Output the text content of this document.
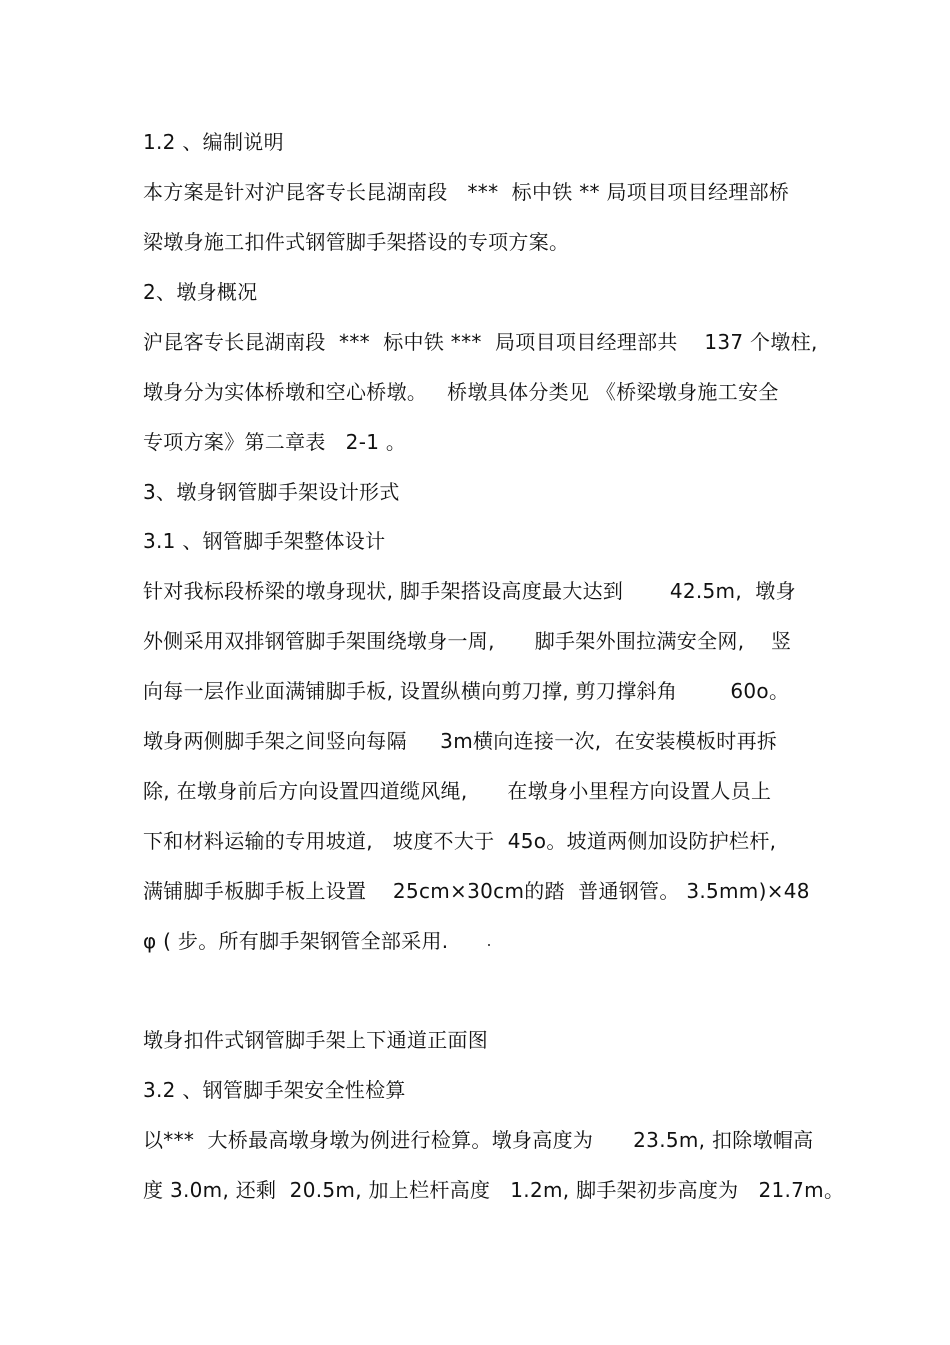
1.2 、编制说明
本方案是针对沪昆客专长昆湖南段   ***  标中铁 ** 局项目项目经理部桥
梁墩身施工扣件式钢管脚手架搭设的专项方案。
2、墩身概况
沪昆客专长昆湖南段  ***  标中铁 ***  局项目项目经理部共    137 个墩柱,
墩身分为实体桥墩和空心桥墩。   桥墩具体分类见 《桥梁墩身施工安全
专项方案》第二章表   2-1 。
3、墩身钢管脚手架设计形式
3.1 、钢管脚手架整体设计
针对我标段桥梁的墩身现状, 脚手架搭设高度最大达到       42.5m,  墩身
外侧采用双排钢管脚手架围绕墩身一周,      脚手架外围拉满安全网,    竖
向每一层作业面满铺脚手板, 设置纵横向剪刀撑, 剪刀撑斜角        60o。
墩身两侧脚手架之间竖向每隔     3m横向连接一次,  在安装模板时再拆
除, 在墩身前后方向设置四道缆风绳,      在墩身小里程方向设置人员上
下和材料运输的专用坡道,   坡度不大于  45o。坡道两侧加设防护栏杆,
满铺脚手板脚手板上设置    25cm×30cm的踏  普通钢管。 3.5mm)×48
φ ( 步。所有脚手架钢管全部采用.
墩身扣件式钢管脚手架上下通道正面图
3.2 、钢管脚手架安全性检算
以***  大桥最高墩身墩为例进行检算。墩身高度为      23.5m, 扣除墩帽高
度 3.0m, 还剩  20.5m, 加上栏杆高度   1.2m, 脚手架初步高度为   21.7m。
